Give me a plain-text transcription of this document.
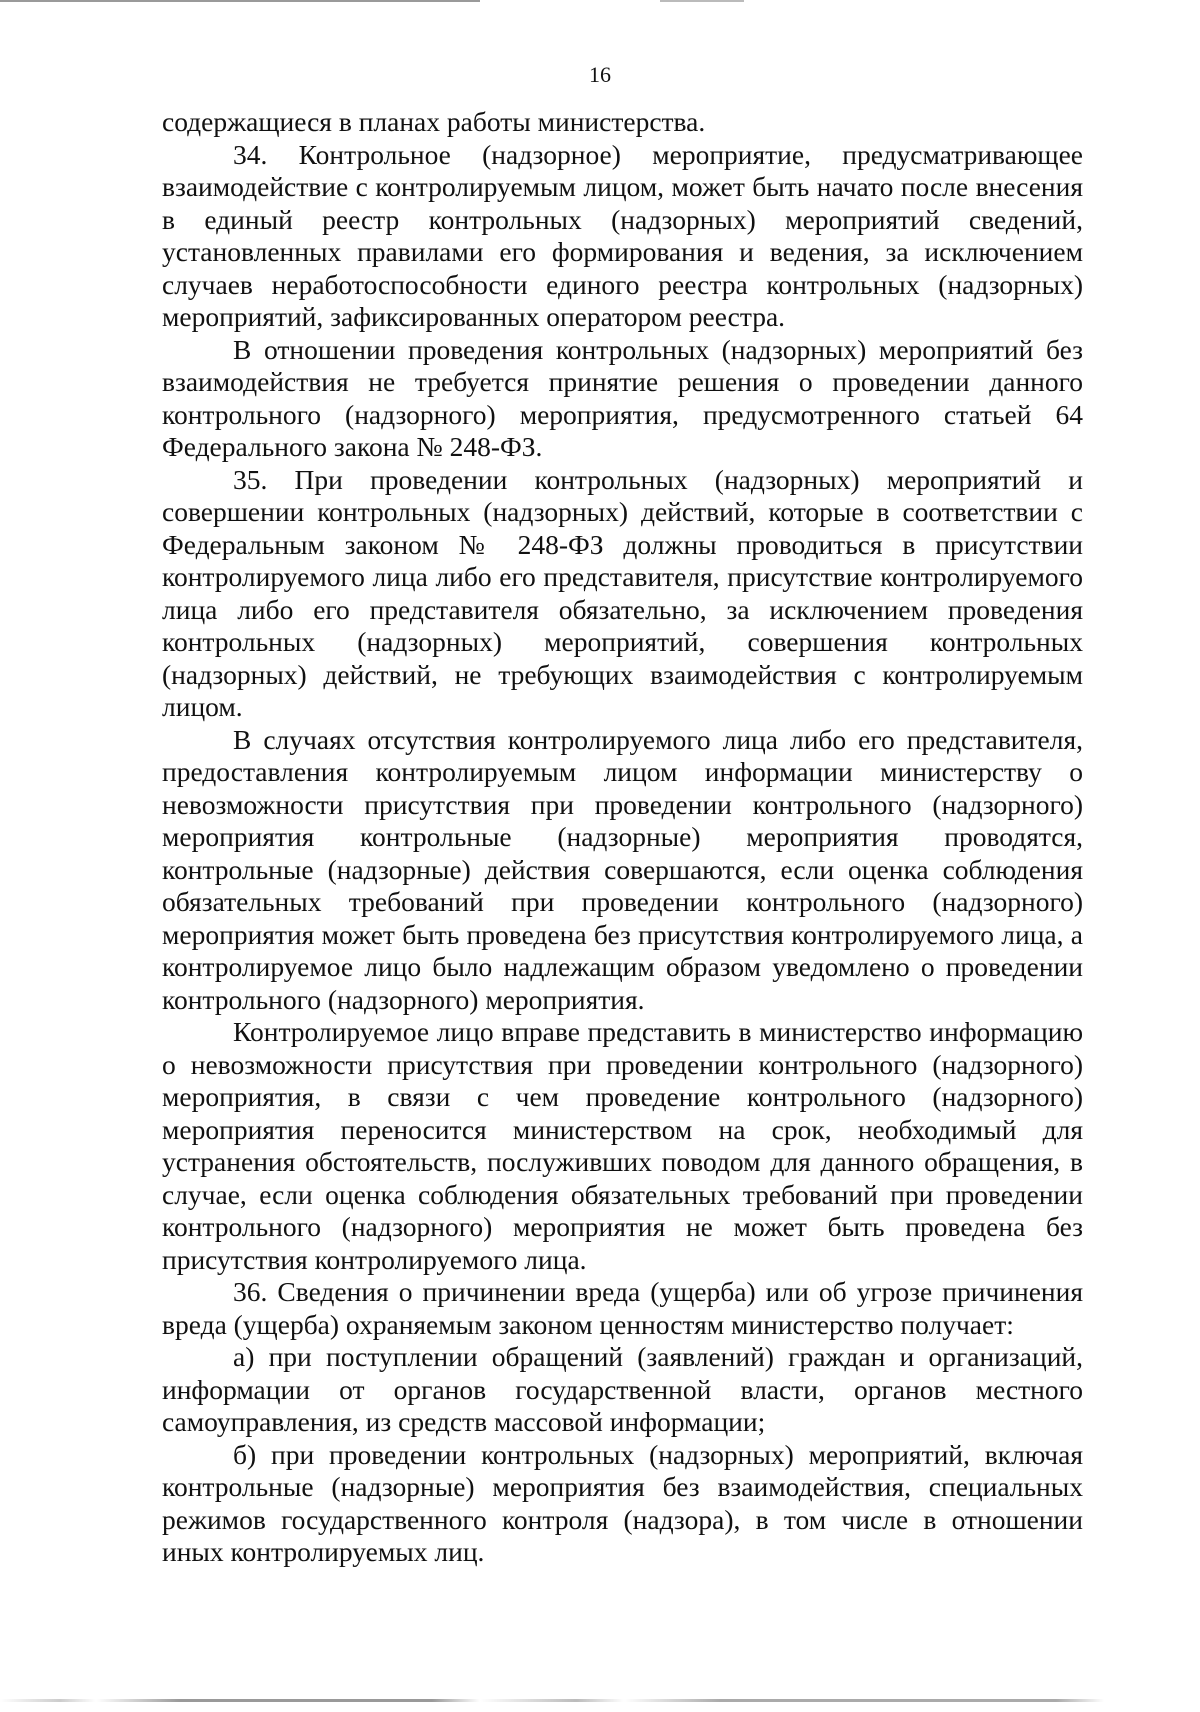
16

содержащиеся в планах работы министерства.

34. Контрольное (надзорное) мероприятие, предусматривающее взаимодействие с контролируемым лицом, может быть начато после внесения в единый реестр контрольных (надзорных) мероприятий сведений, установленных правилами его формирования и ведения, за исключением случаев неработоспособности единого реестра контрольных (надзорных) мероприятий, зафиксированных оператором реестра.

В отношении проведения контрольных (надзорных) мероприятий без взаимодействия не требуется принятие решения о проведении данного контрольного (надзорного) мероприятия, предусмотренного статьей 64 Федерального закона № 248-ФЗ.

35. При проведении контрольных (надзорных) мероприятий и совершении контрольных (надзорных) действий, которые в соответствии с Федеральным законом № 248-ФЗ должны проводиться в присутствии контролируемого лица либо его представителя, присутствие контролируемого лица либо его представителя обязательно, за исключением проведения контрольных (надзорных) мероприятий, совершения контрольных (надзорных) действий, не требующих взаимодействия с контролируемым лицом.

В случаях отсутствия контролируемого лица либо его представителя, предоставления контролируемым лицом информации министерству о невозможности присутствия при проведении контрольного (надзорного) мероприятия контрольные (надзорные) мероприятия проводятся, контрольные (надзорные) действия совершаются, если оценка соблюдения обязательных требований при проведении контрольного (надзорного) мероприятия может быть проведена без присутствия контролируемого лица, а контролируемое лицо было надлежащим образом уведомлено о проведении контрольного (надзорного) мероприятия.

Контролируемое лицо вправе представить в министерство информацию о невозможности присутствия при проведении контрольного (надзорного) мероприятия, в связи с чем проведение контрольного (надзорного) мероприятия переносится министерством на срок, необходимый для устранения обстоятельств, послуживших поводом для данного обращения, в случае, если оценка соблюдения обязательных требований при проведении контрольного (надзорного) мероприятия не может быть проведена без присутствия контролируемого лица.

36. Сведения о причинении вреда (ущерба) или об угрозе причинения вреда (ущерба) охраняемым законом ценностям министерство получает:

а) при поступлении обращений (заявлений) граждан и организаций, информации от органов государственной власти, органов местного самоуправления, из средств массовой информации;

б) при проведении контрольных (надзорных) мероприятий, включая контрольные (надзорные) мероприятия без взаимодействия, специальных режимов государственного контроля (надзора), в том числе в отношении иных контролируемых лиц.
